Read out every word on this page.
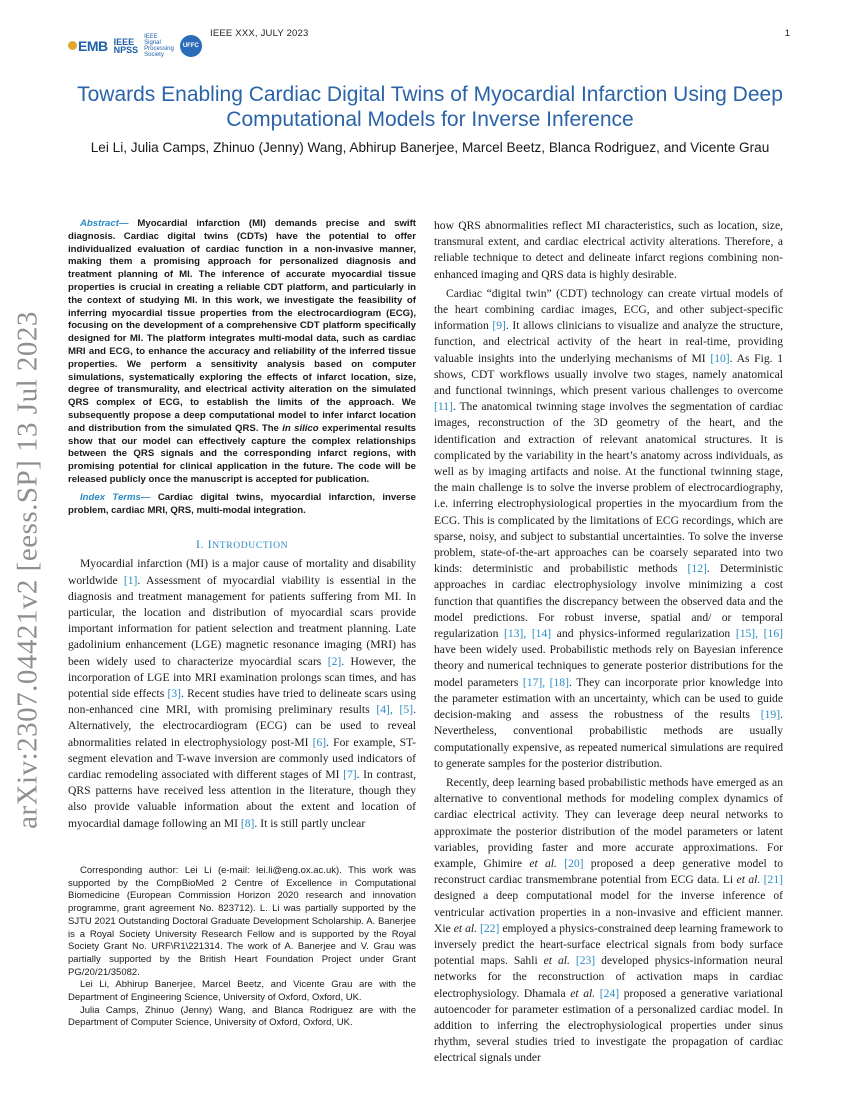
EMB IEEE
NPSS
IEEE
Signal
Processing
Society
UFFC
IEEE XXX, JULY 2023	1
arXiv:2307.04421v2 [eess.SP] 13 Jul 2023
Towards Enabling Cardiac Digital Twins of Myocardial Infarction Using Deep Computational Models for Inverse Inference
Lei Li, Julia Camps, Zhinuo (Jenny) Wang, Abhirup Banerjee, Marcel Beetz, Blanca Rodriguez, and Vicente Grau
Abstract— Myocardial infarction (MI) demands precise and swift diagnosis. Cardiac digital twins (CDTs) have the potential to offer individualized evaluation of cardiac function in a non-invasive manner, making them a promising approach for personalized diagnosis and treatment planning of MI. The inference of accurate myocardial tissue properties is crucial in creating a reliable CDT platform, and particularly in the context of studying MI. In this work, we investigate the feasibility of inferring myocardial tissue properties from the electrocardiogram (ECG), focusing on the development of a comprehensive CDT platform specifically designed for MI. The platform integrates multi-modal data, such as cardiac MRI and ECG, to enhance the accuracy and reliability of the inferred tissue properties. We perform a sensitivity analysis based on computer simulations, systematically exploring the effects of infarct location, size, degree of transmurality, and electrical activity alteration on the simulated QRS complex of ECG, to establish the limits of the approach. We subsequently propose a deep computational model to infer infarct location and distribution from the simulated QRS. The in silico experimental results show that our model can effectively capture the complex relationships between the QRS signals and the corresponding infarct regions, with promising potential for clinical application in the future. The code will be released publicly once the manuscript is accepted for publication.
Index Terms— Cardiac digital twins, myocardial infarction, inverse problem, cardiac MRI, QRS, multi-modal integration.
I. INTRODUCTION

Myocardial infarction (MI) is a major cause of mortality and disability worldwide [1]. Assessment of myocardial viability is essential in the diagnosis and treatment management for patients suffering from MI. In particular, the location and distribution of myocardial scars provide important information for patient selection and treatment planning. Late gadolinium enhancement (LGE) magnetic resonance imaging (MRI) has been widely used to characterize myocardial scars [2]. However, the incorporation of LGE into MRI examination prolongs scan times, and has potential side effects [3]. Recent studies have tried to delineate scars using non-enhanced cine MRI, with promising preliminary results [4], [5]. Alternatively, the electrocardiogram (ECG) can be used to reveal abnormalities related in electrophysiology post-MI [6]. For example, ST-segment elevation and T-wave inversion are commonly used indicators of cardiac remodeling associated with different stages of MI [7]. In contrast, QRS patterns have received less attention in the literature, though they also provide valuable information about the extent and location of myocardial damage following an MI [8]. It is still partly unclear

Corresponding author: Lei Li (e-mail: lei.li@eng.ox.ac.uk). This work was supported by the CompBioMed 2 Centre of Excellence in Computational Biomedicine (European Commission Horizon 2020 research and innovation programme, grant agreement No. 823712). L. Li was partially supported by the SJTU 2021 Outstanding Doctoral Graduate Development Scholarship. A. Banerjee is a Royal Society University Research Fellow and is supported by the Royal Society Grant No. URF\R1\221314. The work of A. Banerjee and V. Grau was partially supported by the British Heart Foundation Project under Grant PG/20/21/35082.

Lei Li, Abhirup Banerjee, Marcel Beetz, and Vicente Grau are with the Department of Engineering Science, University of Oxford, Oxford, UK.

Julia Camps, Zhinuo (Jenny) Wang, and Blanca Rodriguez are with the Department of Computer Science, University of Oxford, Oxford, UK.

how QRS abnormalities reflect MI characteristics, such as location, size, transmural extent, and cardiac electrical activity alterations. Therefore, a reliable technique to detect and delineate infarct regions combining non-enhanced imaging and QRS data is highly desirable.

Cardiac “digital twin” (CDT) technology can create virtual models of the heart combining cardiac images, ECG, and other subject-specific information [9]. It allows clinicians to visualize and analyze the structure, function, and electrical activity of the heart in real-time, providing valuable insights into the underlying mechanisms of MI [10]. As Fig. 1 shows, CDT workflows usually involve two stages, namely anatomical and functional twinnings, which present various challenges to overcome [11]. The anatomical twinning stage involves the segmentation of cardiac images, reconstruction of the 3D geometry of the heart, and the identification and extraction of relevant anatomical structures. It is complicated by the variability in the heart’s anatomy across individuals, as well as by imaging artifacts and noise. At the functional twinning stage, the main challenge is to solve the inverse problem of electrocardiography, i.e. inferring electrophysiological properties in the myocardium from the ECG. This is complicated by the limitations of ECG recordings, which are sparse, noisy, and subject to substantial uncertainties. To solve the inverse problem, state-of-the-art approaches can be coarsely separated into two kinds: deterministic and probabilistic methods [12]. Deterministic approaches in cardiac electrophysiology involve minimizing a cost function that quantifies the discrepancy between the observed data and the model predictions. For robust inverse, spatial and/ or temporal regularization [13], [14] and physics-informed regularization [15], [16] have been widely used. Probabilistic methods rely on Bayesian inference theory and numerical techniques to generate posterior distributions for the model parameters [17], [18]. They can incorporate prior knowledge into the parameter estimation with an uncertainty, which can be used to guide decision-making and assess the robustness of the results [19]. Nevertheless, conventional probabilistic methods are usually computationally expensive, as repeated numerical simulations are required to generate samples for the posterior distribution.

Recently, deep learning based probabilistic methods have emerged as an alternative to conventional methods for modeling complex dynamics of cardiac electrical activity. They can leverage deep neural networks to approximate the posterior distribution of the model parameters or latent variables, providing faster and more accurate approximations. For example, Ghimire et al. [20] proposed a deep generative model to reconstruct cardiac transmembrane potential from ECG data. Li et al. [21] designed a deep computational model for the inverse inference of ventricular activation properties in a non-invasive and efficient manner. Xie et al. [22] employed a physics-constrained deep learning framework to inversely predict the heart-surface electrical signals from body surface potential maps. Sahli et al. [23] developed physics-information neural networks for the reconstruction of activation maps in cardiac electrophysiology. Dhamala et al. [24] proposed a generative variational autoencoder for parameter estimation of a personalized cardiac model. In addition to inferring the electrophysiological properties under sinus rhythm, several studies tried to investigate the propagation of cardiac electrical signals under
